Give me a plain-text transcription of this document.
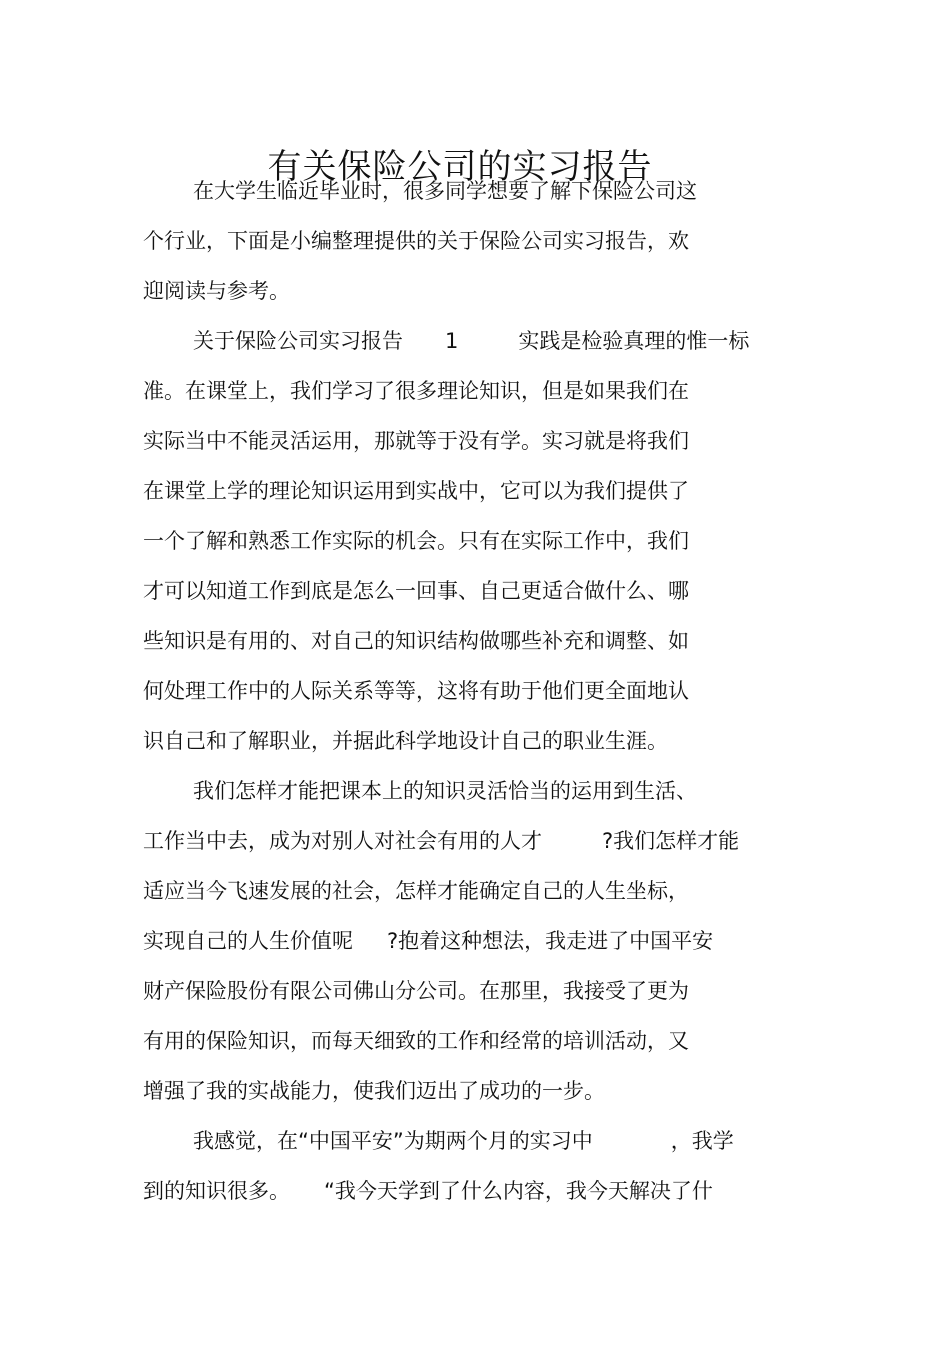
有关保险公司的实习报告
在大学生临近毕业时，很多同学想要了解下保险公司这
个行业，下面是小编整理提供的关于保险公司实习报告，欢
迎阅读与参考。
关于保险公司实习报告 1	实践是检验真理的惟一标
准。在课堂上，我们学习了很多理论知识，但是如果我们在
实际当中不能灵活运用，那就等于没有学。实习就是将我们
在课堂上学的理论知识运用到实战中，它可以为我们提供了
一个了解和熟悉工作实际的机会。只有在实际工作中，我们
才可以知道工作到底是怎么一回事、自己更适合做什么、哪
些知识是有用的、对自己的知识结构做哪些补充和调整、如
何处理工作中的人际关系等等，这将有助于他们更全面地认
识自己和了解职业，并据此科学地设计自己的职业生涯。
我们怎样才能把课本上的知识灵活恰当的运用到生活、
工作当中去，成为对别人对社会有用的人才	?我们怎样才能
适应当今飞速发展的社会，怎样才能确定自己的人生坐标，
实现自己的人生价值呢 ?抱着这种想法，我走进了中国平安
财产保险股份有限公司佛山分公司。在那里，我接受了更为
有用的保险知识，而每天细致的工作和经常的培训活动，又
增强了我的实战能力，使我们迈出了成功的一步。
我感觉，在“中国平安”为期两个月的实习中	，我学
到的知识很多。 “我今天学到了什么内容，我今天解决了什
